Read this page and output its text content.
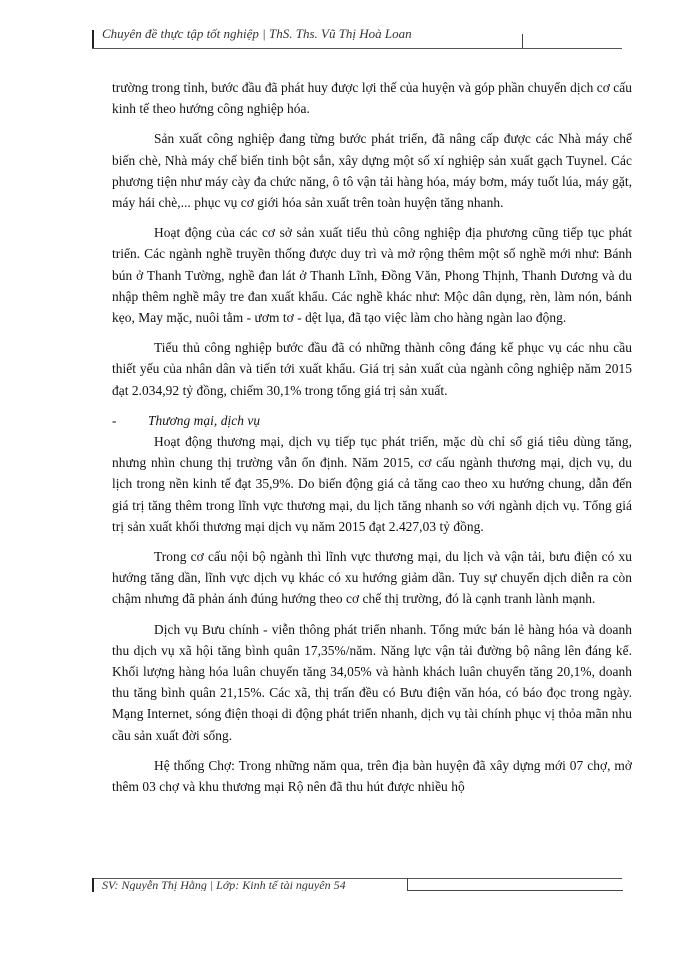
Chuyên đề thực tập tốt nghiệp | ThS. Ths. Vũ Thị Hoà Loan

trường trong tỉnh, bước đầu đã phát huy được lợi thế của huyện và góp phần chuyển dịch cơ cấu kinh tế theo hướng công nghiệp hóa.

Sản xuất công nghiệp đang từng bước phát triển, đã nâng cấp được các Nhà máy chế biến chè, Nhà máy chế biến tinh bột sắn, xây dựng một số xí nghiệp sản xuất gạch Tuynel. Các phương tiện như máy cày đa chức năng, ô tô vận tải hàng hóa, máy bơm, máy tuốt lúa, máy gặt, máy hái chè,... phục vụ cơ giới hóa sản xuất trên toàn huyện tăng nhanh.

Hoạt động của các cơ sở sản xuất tiểu thủ công nghiệp địa phương cũng tiếp tục phát triển. Các ngành nghề truyền thống được duy trì và mở rộng thêm một số nghề mới như: Bánh bún ở Thanh Tường, nghề đan lát ở Thanh Lĩnh, Đồng Văn, Phong Thịnh, Thanh Dương và du nhập thêm nghề mây tre đan xuất khẩu. Các nghề khác như: Mộc dân dụng, rèn, làm nón, bánh kẹo, May mặc, nuôi tằm - ươm tơ - dệt lụa, đã tạo việc làm cho hàng ngàn lao động.

Tiểu thủ công nghiệp bước đầu đã có những thành công đáng kể phục vụ các nhu cầu thiết yếu của nhân dân và tiến tới xuất khẩu. Giá trị sản xuất của ngành công nghiệp năm 2015 đạt 2.034,92 tỷ đồng, chiếm 30,1% trong tổng giá trị sản xuất.

-	Thương mại, dịch vụ

Hoạt động thương mại, dịch vụ tiếp tục phát triển, mặc dù chỉ số giá tiêu dùng tăng, nhưng nhìn chung thị trường vẫn ổn định. Năm 2015, cơ cấu ngành thương mại, dịch vụ, du lịch trong nền kinh tế đạt 35,9%. Do biến động giá cả tăng cao theo xu hướng chung, dẫn đến giá trị tăng thêm trong lĩnh vực thương mại, du lịch tăng nhanh so với ngành dịch vụ. Tổng giá trị sản xuất khối thương mại dịch vụ năm 2015 đạt 2.427,03 tỷ đồng.

Trong cơ cấu nội bộ ngành thì lĩnh vực thương mại, du lịch và vận tải, bưu điện có xu hướng tăng dần, lĩnh vực dịch vụ khác có xu hướng giảm dần. Tuy sự chuyển dịch diễn ra còn chậm nhưng đã phản ánh đúng hướng theo cơ chế thị trường, đó là cạnh tranh lành mạnh.

Dịch vụ Bưu chính - viễn thông phát triển nhanh. Tổng mức bán lẻ hàng hóa và doanh thu dịch vụ xã hội tăng bình quân 17,35%/năm. Năng lực vận tải đường bộ nâng lên đáng kể. Khối lượng hàng hóa luân chuyển tăng 34,05% và hành khách luân chuyển tăng 20,1%, doanh thu tăng bình quân 21,15%. Các xã, thị trấn đều có Bưu điện văn hóa, có báo đọc trong ngày. Mạng Internet, sóng điện thoại di động phát triển nhanh, dịch vụ tài chính phục vị thỏa mãn nhu cầu sản xuất đời sống.

Hệ thống Chợ: Trong những năm qua, trên địa bàn huyện đã xây dựng mới 07 chợ, mở thêm 03 chợ và khu thương mại Rộ nên đã thu hút được nhiều hộ

SV: Nguyễn Thị Hằng | Lớp: Kinh tế tài nguyên 54
